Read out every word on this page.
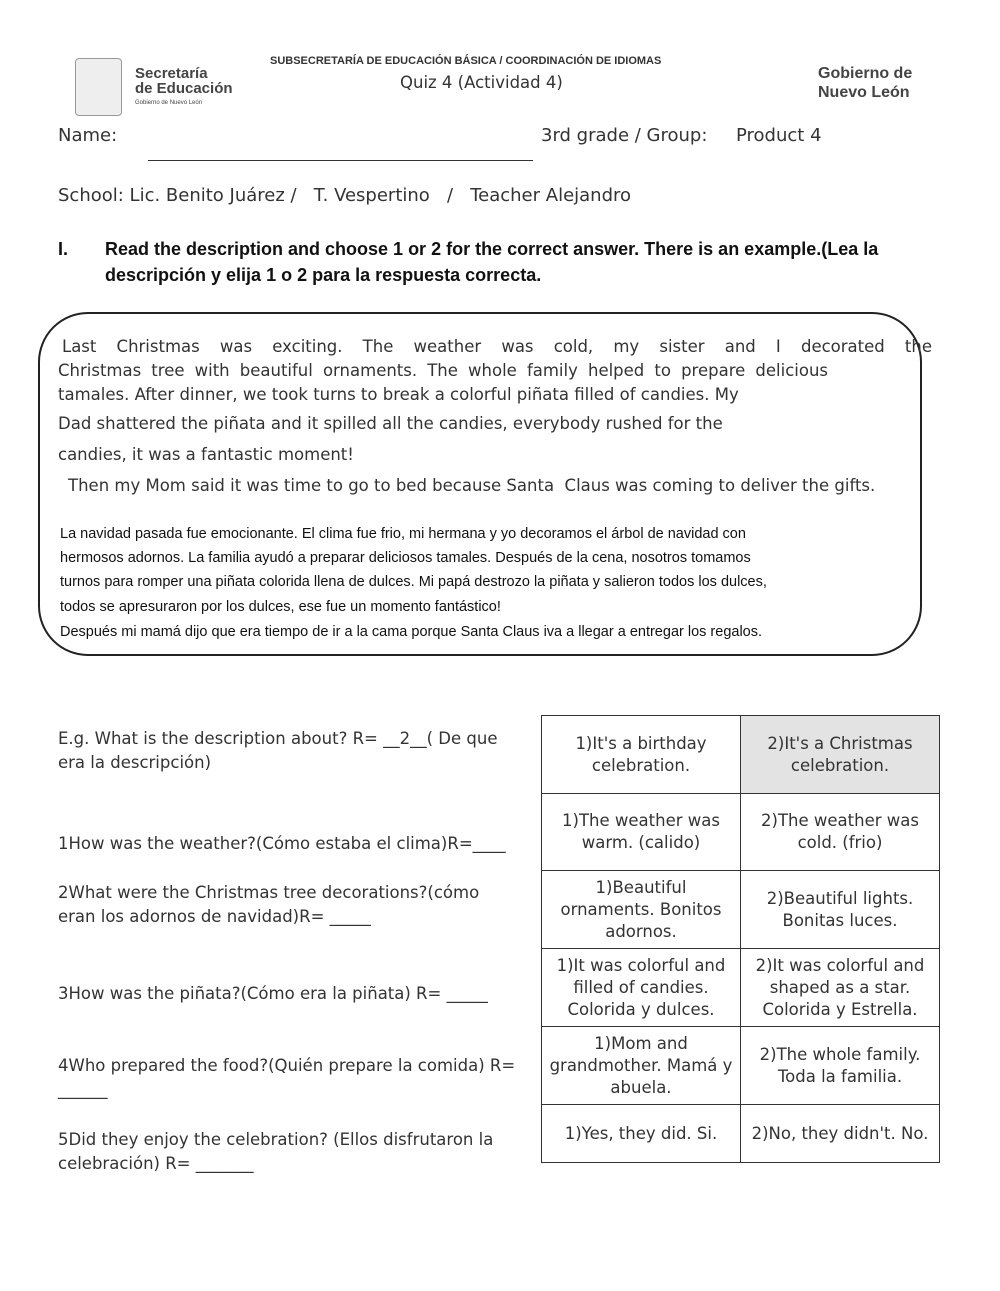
SUBSECRETARÍA DE EDUCACIÓN BÁSICA / COORDINACIÓN DE IDIOMAS
Quiz 4 (Actividad 4)
Secretaría
de Educación
Gobierno de Nuevo León
Gobierno de
Nuevo León
Name:	3rd grade / Group: Product 4
School: Lic. Benito Juárez /   T. Vespertino   /   Teacher Alejandro
I. Read the description and choose 1 or 2 for the correct answer. There is an example.(Lea la descripción y elija 1 o 2 para la respuesta correcta.
Last Christmas was exciting. The weather was cold, my sister and I decorated the
Christmas tree with beautiful ornaments. The whole family helped to prepare delicious
tamales. After dinner, we took turns to break a colorful piñata filled of candies. My
Dad shattered the piñata and it spilled all the candies, everybody rushed for the
candies, it was a fantastic moment!
Then my Mom said it was time to go to bed because Santa  Claus was coming to deliver the gifts.
La navidad pasada fue emocionante. El clima fue frio, mi hermana y yo decoramos el árbol de navidad con
hermosos adornos. La familia ayudó a preparar deliciosos tamales. Después de la cena, nosotros tomamos
turnos para romper una piñata colorida llena de dulces. Mi papá destrozo la piñata y salieron todos los dulces,
todos se apresuraron por los dulces, ese fue un momento fantástico!
Después mi mamá dijo que era tiempo de ir a la cama porque Santa Claus iva a llegar a entregar los regalos.
E.g. What is the description about? R= __2__( De que era la descripción)
1How was the weather?(Cómo estaba el clima)R=____
2What were the Christmas tree decorations?(cómo eran los adornos de navidad)R= _____
3How was the piñata?(Cómo era la piñata) R= _____
4Who prepared the food?(Quién prepare la comida) R= ______
5Did they enjoy the celebration? (Ellos disfrutaron la celebración) R= _______
1)It's a birthday celebration.	2)It's a Christmas celebration.
1)The weather was warm. (calido)	2)The weather was cold. (frio)
1)Beautiful ornaments. Bonitos adornos.	2)Beautiful lights. Bonitas luces.
1)It was colorful and filled of candies. Colorida y dulces.	2)It was colorful and shaped as a star. Colorida y Estrella.
1)Mom and grandmother. Mamá y abuela.	2)The whole family. Toda la familia.
1)Yes, they did. Si.	2)No, they didn't. No.
